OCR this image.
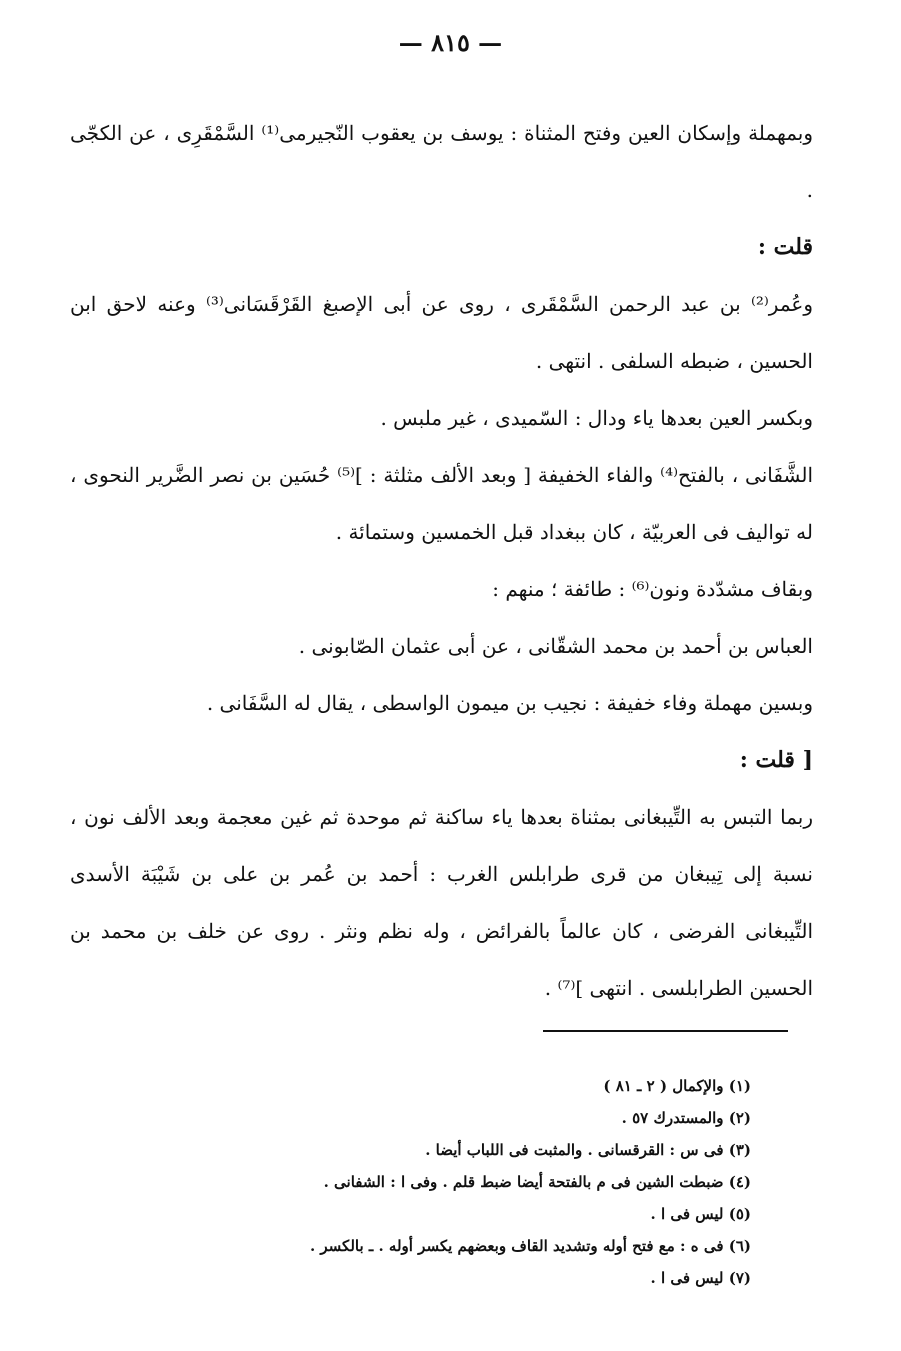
— ٨١٥ —

وبمهملة وإسكان العين وفتح المثناة : يوسف بن يعقوب النّجيرمى⁽¹⁾ السَّمْقَرِى ، عن الكجّى .

قلت :

وعُمر⁽²⁾ بن عبد الرحمن السَّمْقَرى ، روى عن أبى الإصبغ القَرْقَسَانى⁽³⁾ وعنه لاحق ابن الحسين ، ضبطه السلفى . انتهى .

وبكسر العين بعدها ياء ودال : السّميدى ، غير ملبس .

الشَّفَانى ، بالفتح⁽⁴⁾ والفاء الخفيفة [ وبعد الألف مثلثة : ]⁽⁵⁾ حُسَين بن نصر الضَّرير النحوى ، له تواليف فى العربيّة ، كان ببغداد قبل الخمسين وستمائة .

وبقاف مشدّدة ونون⁽⁶⁾ : طائفة ؛ منهم :

العباس بن أحمد بن محمد الشقّانى ، عن أبى عثمان الصّابونى .

وبسين مهملة وفاء خفيفة : نجيب بن ميمون الواسطى ، يقال له السَّفَانى .

[ قلت :

ربما التبس به التِّيبغانى بمثناة بعدها ياء ساكنة ثم موحدة ثم غين معجمة وبعد الألف نون ، نسبة إلى تِيبغان من قرى طرابلس الغرب : أحمد بن عُمر بن على بن شَيْبَة الأسدى التِّيبغانى الفرضى ، كان عالماً بالفرائض ، وله نظم ونثر . روى عن خلف بن محمد بن الحسين الطرابلسى . انتهى ]⁽⁷⁾ .

(١) والإكمال ( ٢ ـ ٨١ )
(٢) والمستدرك ٥٧ .
(٣) فى س : القرقسانى . والمثبت فى اللباب أيضا .
(٤) ضبطت الشين فى م بالفتحة أيضا ضبط قلم . وفى ا : الشفانى .
(٥) ليس فى ا .
(٦) فى ه : مع فتح أوله وتشديد القاف وبعضهم يكسر أوله . ـ بالكسر .
(٧) ليس فى ا .
